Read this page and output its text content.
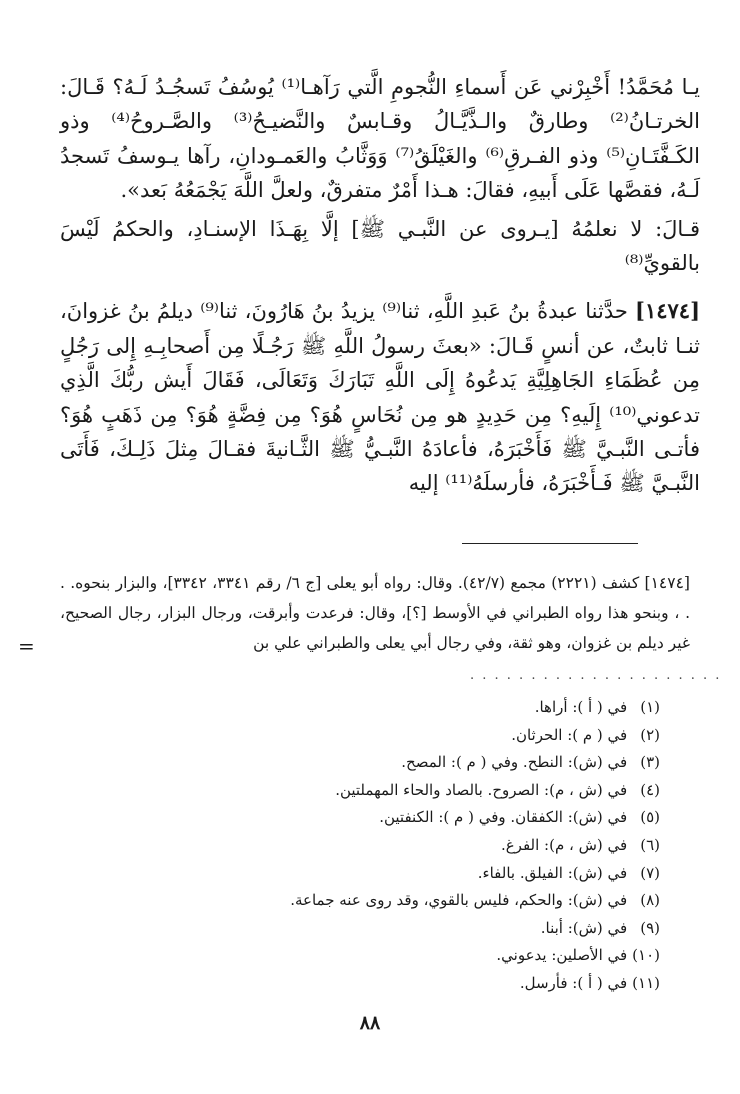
يـا مُحَمَّدُ! أَخْبِرْني عَن أَسماءِ النُّجومِ الَّتي رَآهـا⁽¹⁾ يُوسُفُ تَسجُـدُ لَـهُ؟ قَـالَ: الخرتـانُ⁽²⁾ وطارقٌ والـذَّيَّـالُ وقـابسٌ والنَّضيـحُ⁽³⁾ والصَّـروحُ⁽⁴⁾ وذو الكَـفَّتَـانِ⁽⁵⁾ وذو الفـرقِ⁽⁶⁾ والغَيْلَقُ⁽⁷⁾ وَوَثَّابُ والعَمـودانِ، رآها يـوسفُ تَسجدُ لَـهُ، فقصَّها عَلَى أَبيهِ، فقالَ: هـذا أَمْرٌ متفرقٌ، ولعلَّ اللَّهَ يَجْمَعُهُ بَعد».

قـالَ: لا نعلمُهُ [يـروى عن النَّبـي ﷺ] إلَّا بِهَـذَا الإسنـادِ، والحكمُ لَيْسَ بالقويِّ⁽⁸⁾

[١٤٧٤] حدَّثنا عبدةُ بنُ عَبدِ اللَّهِ، ثنا⁽⁹⁾ يزيدُ بنُ هَارُونَ، ثنا⁽⁹⁾ ديلمُ بنُ غزوانَ، ثنـا ثابتٌ، عن أنسٍ قَـالَ: «بعثَ رسولُ اللَّهِ ﷺ رَجُـلًا مِن أَصحابِـهِ إِلى رَجُلٍ مِن عُظَمَاءِ الجَاهِلِيَّةِ يَدعُوهُ إِلَى اللَّهِ تَبَارَكَ وَتَعَالَى، فَقَالَ أَيش ربُّكَ الَّذِي تدعوني⁽¹⁰⁾ إِلَيهِ؟ مِن حَدِيدٍ هو مِن نُحَاسٍ هُوَ؟ مِن فِضَّةٍ هُوَ؟ مِن ذَهَبٍ هُوَ؟ فأتـى النَّبـيَّ ﷺ فَأَخْبَرَهُ، فأعادَهُ النَّبـيُّ ﷺ الثَّـانيةَ فقـالَ مِثلَ ذَلِـكَ، فَأَتَى النَّبـيَّ ﷺ فَـأَخْبَرَهُ، فأرسلَهُ⁽¹¹⁾ إليه

[١٤٧٤] كشف (٢٢٢١) مجمع (٤٢/٧). وقال: رواه أبو يعلى [ج ٦/ رقم ٣٣٤١، ٣٣٤٢]، والبزار بنحوه. . . ، وبنحو هذا رواه الطبراني في الأوسط [؟]، وقال: فرعدت وأبرقت، ورجال البزار، رجال الصحيح، غير ديلم بن غزوان، وهو ثقة، وفي رجال أبي يعلى والطبراني علي بن

=
. . . . . . . . . . . . . . . . . . . . .
(١) في ( أ ): أراها.
(٢) في ( م ): الحرثان.
(٣) في (ش): النطح. وفي ( م ): المصح.
(٤) في (ش ، م): الصروح. بالصاد والحاء المهملتين.
(٥) في (ش): الكفقان. وفي ( م ): الكنفتين.
(٦) في (ش ، م): الفرغ.
(٧) في (ش): الفيلق. بالفاء.
(٨) في (ش): والحكم، فليس بالقوي، وقد روى عنه جماعة.
(٩) في (ش): أبنا.
(١٠) في الأصلين: يدعوني.
(١١) في ( أ ): فأرسل.
٨٨
